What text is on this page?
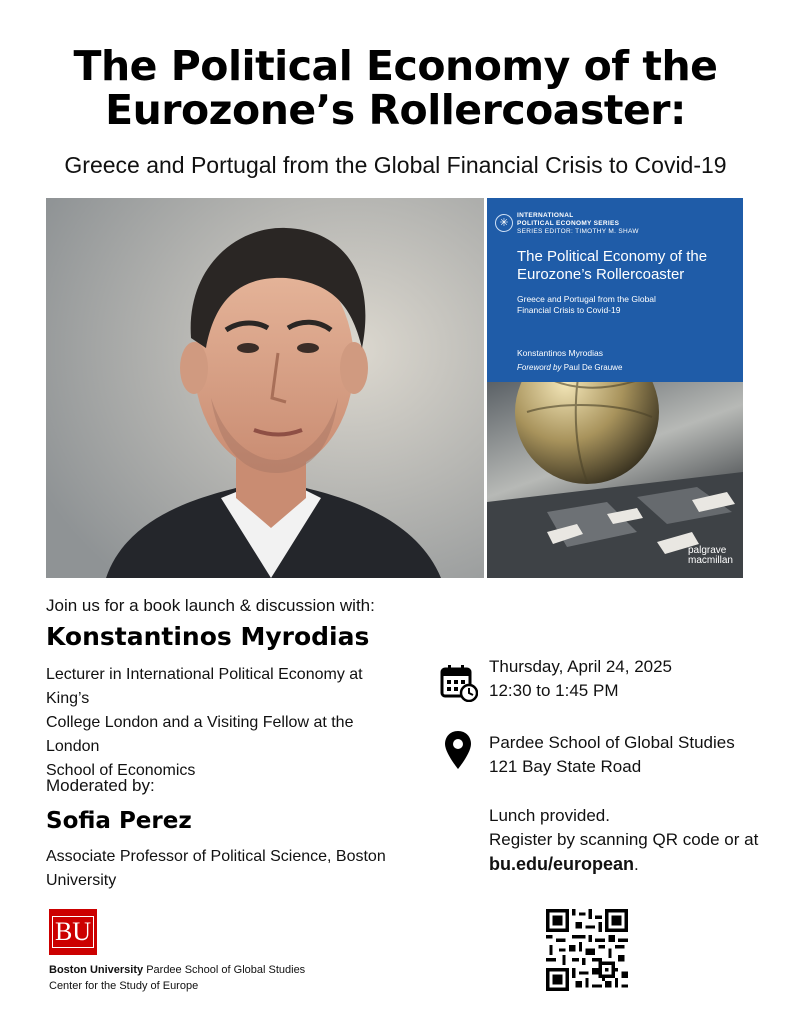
The Political Economy of the
Eurozone’s Rollercoaster:
Greece and Portugal from the Global Financial Crisis to Covid-19
✳
INTERNATIONAL
POLITICAL ECONOMY SERIES
SERIES EDITOR: TIMOTHY M. SHAW
The Political Economy of the
Eurozone’s Rollercoaster
Greece and Portugal from the Global
Financial Crisis to Covid-19
Konstantinos Myrodias
Foreword by Paul De Grauwe
palgrave
macmillan
Join us for a book launch & discussion with:
Konstantinos Myrodias
Lecturer in International Political Economy at King’s
College London and a Visiting Fellow at the London
School of Economics
Moderated by:
Sofia Perez
Associate Professor of Political Science, Boston
University
Thursday, April 24, 2025
12:30 to 1:45 PM
Pardee School of Global Studies
121 Bay State Road
Lunch provided.
Register by scanning QR code or at
bu.edu/european.
BU
Boston University Pardee School of Global Studies
Center for the Study of Europe
